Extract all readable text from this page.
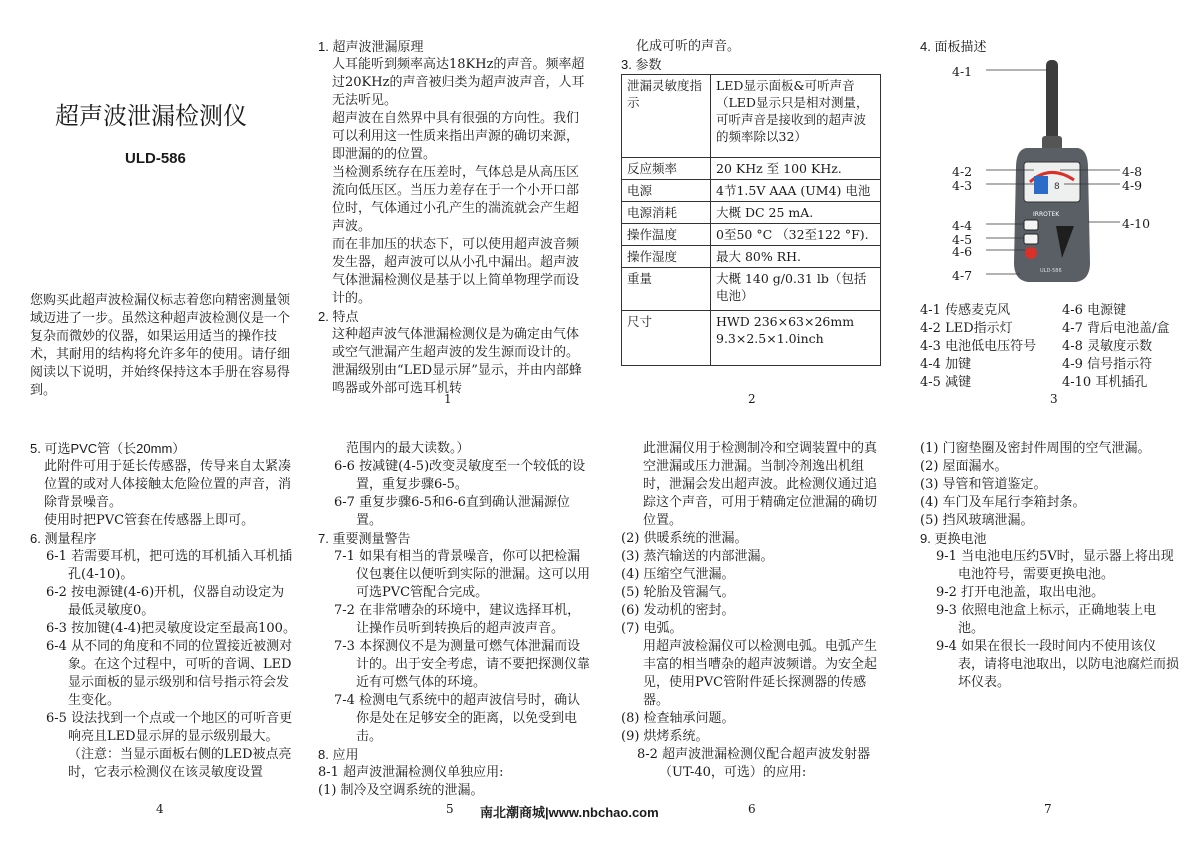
超声波泄漏检测仪
ULD-586
您购买此超声波检漏仪标志着您向精密测量领域迈进了一步。虽然这种超声波检测仪是一个复杂而微妙的仪器，如果运用适当的操作技术，其耐用的结构将允许多年的使用。请仔细阅读以下说明，并始终保持这本手册在容易得到。
1. 超声波泄漏原理
人耳能听到频率高达18KHz的声音。频率超过20KHz的声音被归类为超声波声音，人耳无法听见。
超声波在自然界中具有很强的方向性。我们可以利用这一性质来指出声源的确切来源，即泄漏的的位置。
当检测系统存在压差时，气体总是从高压区流向低压区。当压力差存在于一个小开口部位时，气体通过小孔产生的湍流就会产生超声波。
而在非加压的状态下，可以使用超声波音频发生器，超声波可以从小孔中漏出。超声波气体泄漏检测仪是基于以上简单物理学而设计的。
2. 特点
这种超声波气体泄漏检测仪是为确定由气体或空气泄漏产生超声波的发生源而设计的。泄漏级别由“LED显示屏”显示，并由内部蜂鸣器或外部可选耳机转
化成可听的声音。
3. 参数
泄漏灵敏度指示	LED显示面板&可听声音（LED显示只是相对测量，可听声音是接收到的超声波的频率除以32）
反应频率	20 KHz 至 100 KHz.
电源	4节1.5V AAA (UM4) 电池
电源消耗	大概 DC 25 mA.
操作温度	0至50 °C （32至122 °F).
操作湿度	最大 80% RH.
重量	大概 140 g/0.31 lb（包括电池）
尺寸	HWD 236×63×26mm 9.3×2.5×1.0inch
4. 面板描述
8
IRROTEK
ULD-586
4-1
4-2
4-3
4-4
4-5
4-6
4-7
4-8
4-9
4-10
4-1 传感麦克风
4-2 LED指示灯
4-3 电池低电压符号
4-4 加键
4-5 减键
4-6 电源键
4-7 背后电池盖/盒
4-8 灵敏度示数
4-9 信号指示符
4-10 耳机插孔
5. 可选PVC管（长20mm）
此附件可用于延长传感器，传导来自太紧凑位置的或对人体接触太危险位置的声音，消除背景噪音。
使用时把PVC管套在传感器上即可。
6. 测量程序
6-1 若需要耳机，把可选的耳机插入耳机插孔(4-10)。
6-2 按电源键(4-6)开机，仪器自动设定为最低灵敏度0。
6-3 按加键(4-4)把灵敏度设定至最高100。
6-4 从不同的角度和不同的位置接近被测对象。在这个过程中，可听的音调、LED显示面板的显示级别和信号指示符会发生变化。
6-5 设法找到一个点或一个地区的可听音更响亮且LED显示屏的显示级别最大。（注意：当显示面板右侧的LED被点亮时，它表示检测仪在该灵敏度设置
范围内的最大读数。）
6-6 按减键(4-5)改变灵敏度至一个较低的设置，重复步骤6-5。
6-7 重复步骤6-5和6-6直到确认泄漏源位置。
7. 重要测量警告
7-1 如果有相当的背景噪音，你可以把检漏仪包裹住以便听到实际的泄漏。这可以用可选PVC管配合完成。
7-2 在非常嘈杂的环境中，建议选择耳机，让操作员听到转换后的超声波声音。
7-3 本探测仪不是为测量可燃气体泄漏而设计的。出于安全考虑，请不要把探测仪靠近有可燃气体的环境。
7-4 检测电气系统中的超声波信号时，确认你是处在足够安全的距离，以免受到电击。
8. 应用
8-1 超声波泄漏检测仪单独应用:
(1) 制冷及空调系统的泄漏。
此泄漏仪用于检测制冷和空调装置中的真空泄漏或压力泄漏。当制冷剂逸出机组时，泄漏会发出超声波。此检测仪通过追踪这个声音，可用于精确定位泄漏的确切位置。
(2) 供暖系统的泄漏。
(3) 蒸汽输送的内部泄漏。
(4) 压缩空气泄漏。
(5) 轮胎及管漏气。
(6) 发动机的密封。
(7) 电弧。
用超声波检漏仪可以检测电弧。电弧产生丰富的相当嘈杂的超声波频谱。为安全起见，使用PVC管附件延长探测器的传感器。
(8) 检查轴承问题。
(9) 烘烤系统。
8-2 超声波泄漏检测仪配合超声波发射器（UT-40，可选）的应用:
(1) 门窗垫圈及密封件周围的空气泄漏。
(2) 屋面漏水。
(3) 导管和管道鉴定。
(4) 车门及车尾行李箱封条。
(5) 挡风玻璃泄漏。
9. 更换电池
9-1 当电池电压约5V时，显示器上将出现电池符号，需要更换电池。
9-2 打开电池盖，取出电池。
9-3 依照电池盒上标示，正确地装上电池。
9-4 如果在很长一段时间内不使用该仪表，请将电池取出，以防电池腐烂而损坏仪表。
1	2	3
4	5	6	7
南北潮商城|www.nbchao.com
